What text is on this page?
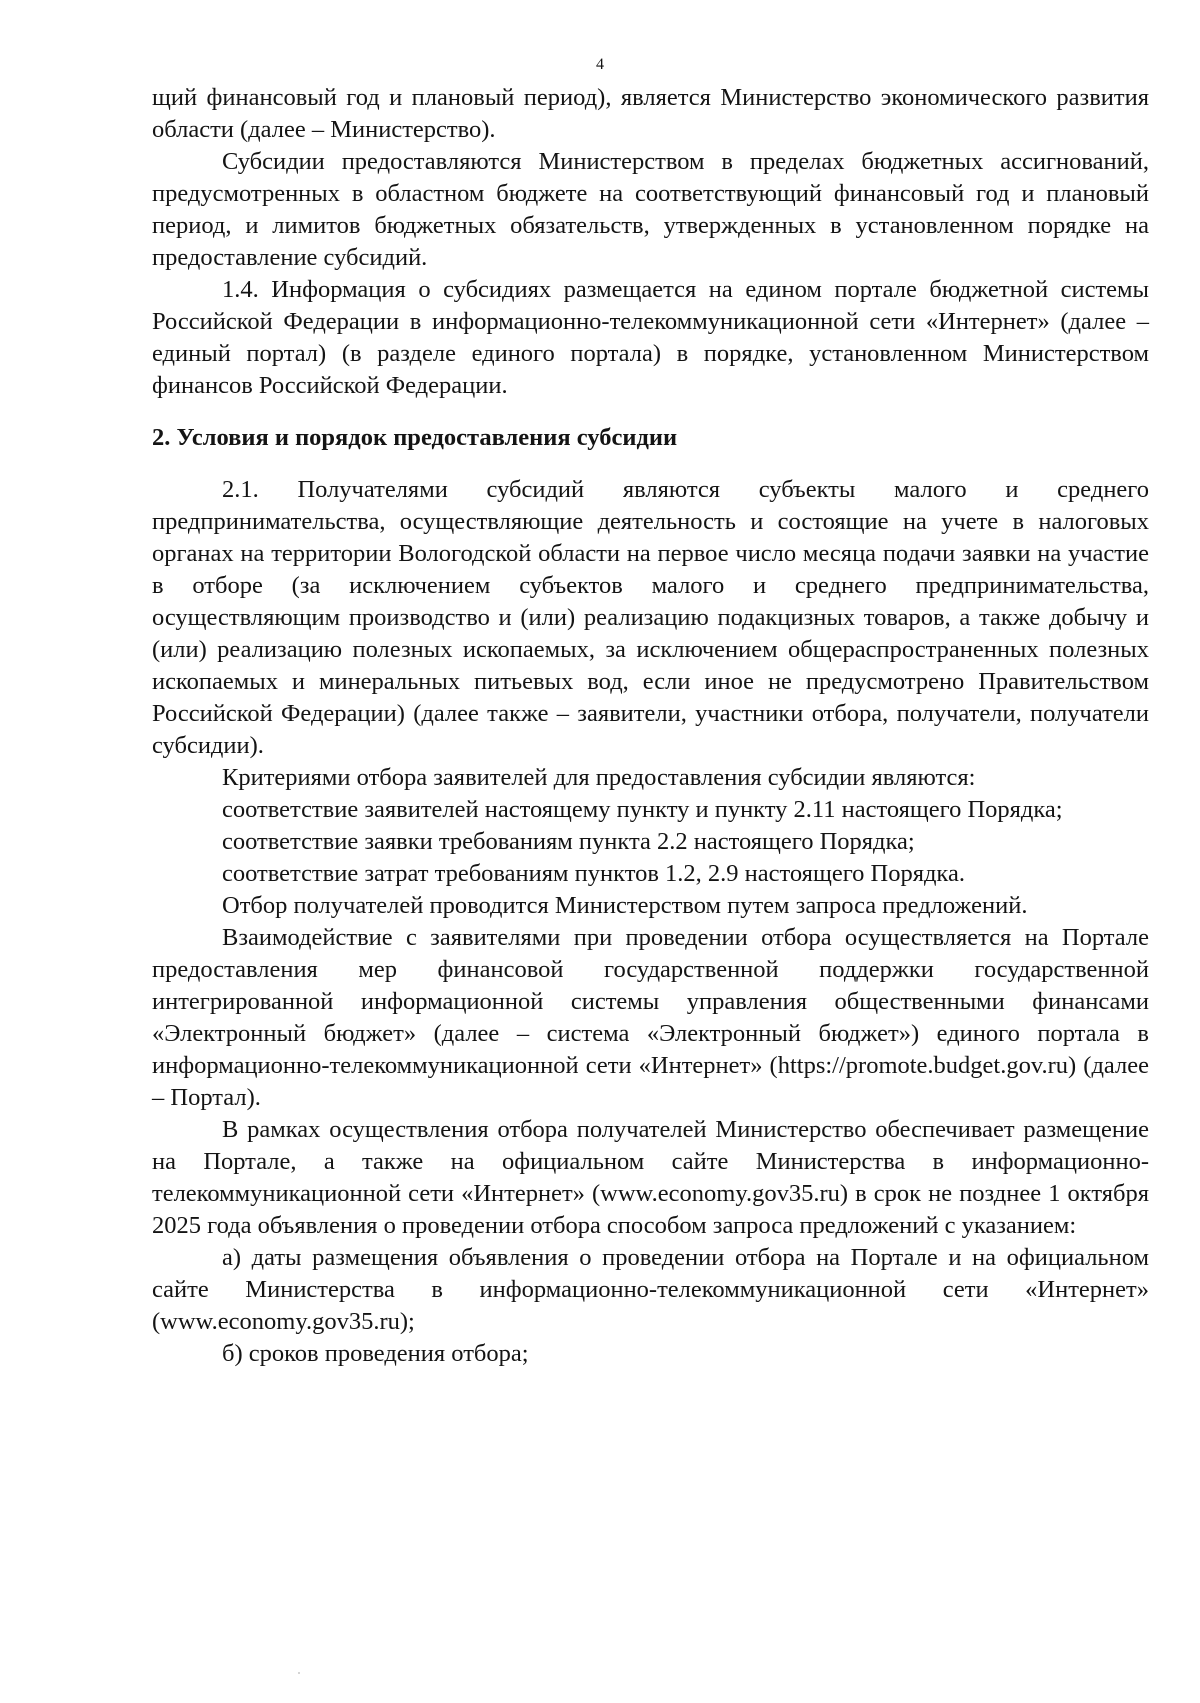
4

щий финансовый год и плановый период), является Министерство экономического развития области (далее – Министерство).

Субсидии предоставляются Министерством в пределах бюджетных ассигнований, предусмотренных в областном бюджете на соответствующий финансовый год и плановый период, и лимитов бюджетных обязательств, утвержденных в установленном порядке на предоставление субсидий.

1.4. Информация о субсидиях размещается на едином портале бюджетной системы Российской Федерации в информационно-телекоммуникационной сети «Интернет» (далее – единый портал) (в разделе единого портала) в порядке, установленном Министерством финансов Российской Федерации.

2. Условия и порядок предоставления субсидии

2.1. Получателями субсидий являются субъекты малого и среднего предпринимательства, осуществляющие деятельность и состоящие на учете в налоговых органах на территории Вологодской области на первое число месяца подачи заявки на участие в отборе (за исключением субъектов малого и среднего предпринимательства, осуществляющим производство и (или) реализацию подакцизных товаров, а также добычу и (или) реализацию полезных ископаемых, за исключением общераспространенных полезных ископаемых и минеральных питьевых вод, если иное не предусмотрено Правительством Российской Федерации) (далее также – заявители, участники отбора, получатели, получатели субсидии).

Критериями отбора заявителей для предоставления субсидии являются:

соответствие заявителей настоящему пункту и пункту 2.11 настоящего Порядка;

соответствие заявки требованиям пункта 2.2 настоящего Порядка;

соответствие затрат требованиям пунктов 1.2, 2.9 настоящего Порядка.

Отбор получателей проводится Министерством путем запроса предложений.

Взаимодействие с заявителями при проведении отбора осуществляется на Портале предоставления мер финансовой государственной поддержки государственной интегрированной информационной системы управления общественными финансами «Электронный бюджет» (далее – система «Электронный бюджет») единого портала в информационно-телекоммуникационной сети «Интернет» (https://promote.budget.gov.ru) (далее – Портал).

В рамках осуществления отбора получателей Министерство обеспечивает размещение на Портале, а также на официальном сайте Министерства в информационно-телекоммуникационной сети «Интернет» (www.economy.gov35.ru) в срок не позднее 1 октября 2025 года объявления о проведении отбора способом запроса предложений с указанием:

а) даты размещения объявления о проведении отбора на Портале и на официальном сайте Министерства в информационно-телекоммуникационной сети «Интернет» (www.economy.gov35.ru);

б) сроков проведения отбора;
